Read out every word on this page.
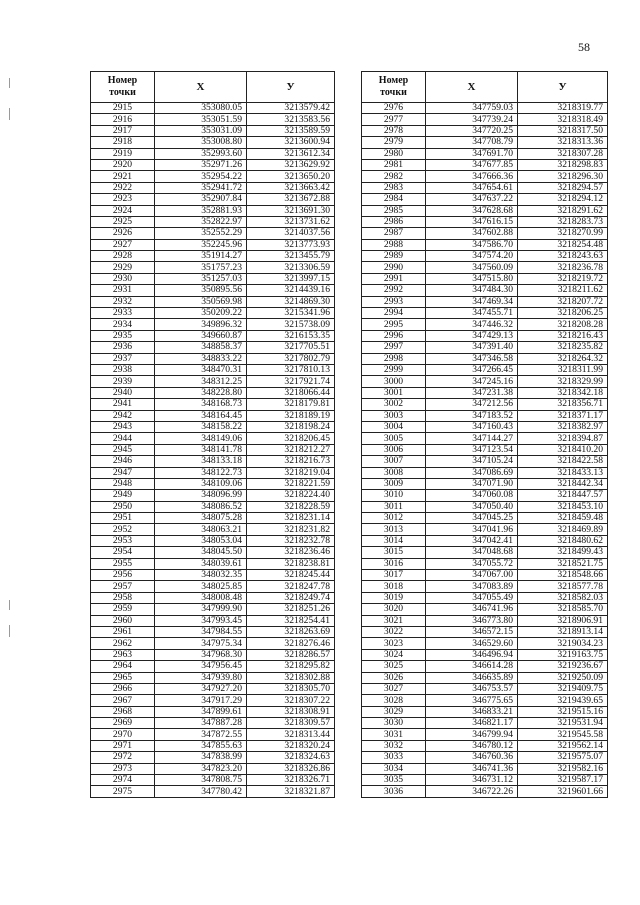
58
Номер
точки	X	У
2915	353080.05	3213579.42
2916	353051.59	3213583.56
2917	353031.09	3213589.59
2918	353008.80	3213600.94
2919	352993.60	3213612.34
2920	352971.26	3213629.92
2921	352954.22	3213650.20
2922	352941.72	3213663.42
2923	352907.84	3213672.88
2924	352881.93	3213691.30
2925	352822.97	3213731.62
2926	352552.29	3214037.56
2927	352245.96	3213773.93
2928	351914.27	3213455.79
2929	351757.23	3213306.59
2930	351257.03	3213997.15
2931	350895.56	3214439.16
2932	350569.98	3214869.30
2933	350209.22	3215341.96
2934	349896.32	3215738.09
2935	349660.87	3216153.35
2936	348858.37	3217705.51
2937	348833.22	3217802.79
2938	348470.31	3217810.13
2939	348312.25	3217921.74
2940	348228.80	3218066.44
2941	348168.73	3218179.81
2942	348164.45	3218189.19
2943	348158.22	3218198.24
2944	348149.06	3218206.45
2945	348141.78	3218212.27
2946	348133.18	3218216.73
2947	348122.73	3218219.04
2948	348109.06	3218221.59
2949	348096.99	3218224.40
2950	348086.52	3218228.59
2951	348075.28	3218231.14
2952	348063.21	3218231.82
2953	348053.04	3218232.78
2954	348045.50	3218236.46
2955	348039.61	3218238.81
2956	348032.35	3218245.44
2957	348025.85	3218247.78
2958	348008.48	3218249.74
2959	347999.90	3218251.26
2960	347993.45	3218254.41
2961	347984.55	3218263.69
2962	347975.34	3218276.46
2963	347968.30	3218286.57
2964	347956.45	3218295.82
2965	347939.80	3218302.88
2966	347927.20	3218305.70
2967	347917.29	3218307.22
2968	347899.61	3218308.91
2969	347887.28	3218309.57
2970	347872.55	3218313.44
2971	347855.63	3218320.24
2972	347838.99	3218324.63
2973	347823.20	3218326.86
2974	347808.75	3218326.71
2975	347780.42	3218321.87
Номер
точки	X	У
2976	347759.03	3218319.77
2977	347739.24	3218318.49
2978	347720.25	3218317.50
2979	347708.79	3218313.36
2980	347691.70	3218307.28
2981	347677.85	3218298.83
2982	347666.36	3218296.30
2983	347654.61	3218294.57
2984	347637.22	3218294.12
2985	347628.68	3218291.62
2986	347616.15	3218283.73
2987	347602.88	3218270.99
2988	347586.70	3218254.48
2989	347574.20	3218243.63
2990	347560.09	3218236.78
2991	347515.80	3218219.72
2992	347484.30	3218211.62
2993	347469.34	3218207.72
2994	347455.71	3218206.25
2995	347446.32	3218208.28
2996	347429.13	3218216.43
2997	347391.40	3218235.82
2998	347346.58	3218264.32
2999	347266.45	3218311.99
3000	347245.16	3218329.99
3001	347231.38	3218342.18
3002	347212.56	3218356.71
3003	347183.52	3218371.17
3004	347160.43	3218382.97
3005	347144.27	3218394.87
3006	347123.54	3218410.20
3007	347105.24	3218422.58
3008	347086.69	3218433.13
3009	347071.90	3218442.34
3010	347060.08	3218447.57
3011	347050.40	3218453.10
3012	347045.25	3218459.48
3013	347041.96	3218469.89
3014	347042.41	3218480.62
3015	347048.68	3218499.43
3016	347055.72	3218521.75
3017	347067.00	3218548.66
3018	347083.89	3218577.78
3019	347055.49	3218582.03
3020	346741.96	3218585.70
3021	346773.80	3218906.91
3022	346572.15	3218913.14
3023	346529.60	3219034.23
3024	346496.94	3219163.75
3025	346614.28	3219236.67
3026	346635.89	3219250.09
3027	346753.57	3219409.75
3028	346775.65	3219439.65
3029	346833.21	3219515.16
3030	346821.17	3219531.94
3031	346799.94	3219545.58
3032	346780.12	3219562.14
3033	346760.36	3219575.07
3034	346741.36	3219582.16
3035	346731.12	3219587.17
3036	346722.26	3219601.66
